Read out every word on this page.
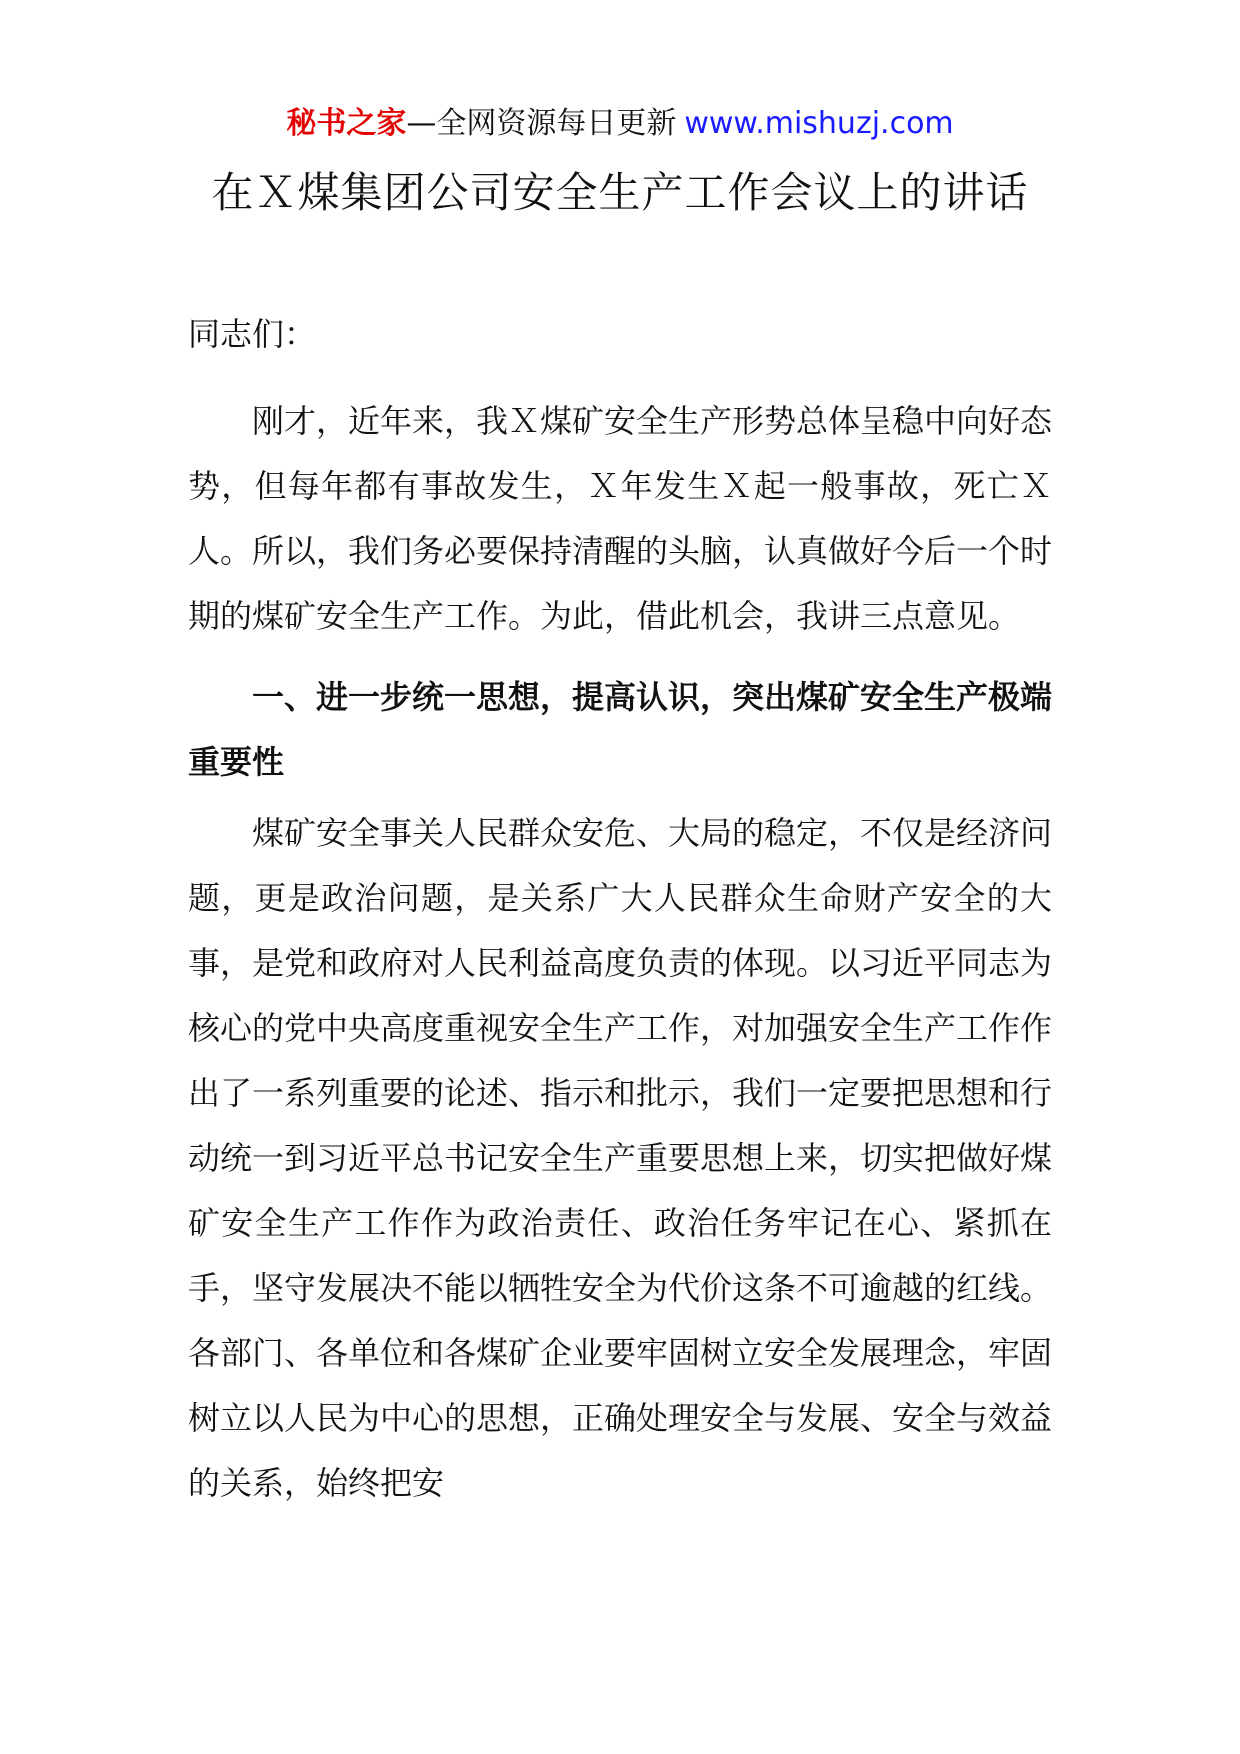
秘书之家—全网资源每日更新 www.mishuzj.com
在Ｘ煤集团公司安全生产工作会议上的讲话

同志们：

刚才，近年来，我Ｘ煤矿安全生产形势总体呈稳中向好态势，但每年都有事故发生，Ｘ年发生Ｘ起一般事故，死亡Ｘ人。所以，我们务必要保持清醒的头脑，认真做好今后一个时期的煤矿安全生产工作。为此，借此机会，我讲三点意见。

一、进一步统一思想，提高认识，突出煤矿安全生产极端重要性

煤矿安全事关人民群众安危、大局的稳定，不仅是经济问题，更是政治问题，是关系广大人民群众生命财产安全的大事，是党和政府对人民利益高度负责的体现。以习近平同志为核心的党中央高度重视安全生产工作，对加强安全生产工作作出了一系列重要的论述、指示和批示，我们一定要把思想和行动统一到习近平总书记安全生产重要思想上来，切实把做好煤矿安全生产工作作为政治责任、政治任务牢记在心、紧抓在手，坚守发展决不能以牺牲安全为代价这条不可逾越的红线。各部门、各单位和各煤矿企业要牢固树立安全发展理念，牢固树立以人民为中心的思想，正确处理安全与发展、安全与效益的关系，始终把安
